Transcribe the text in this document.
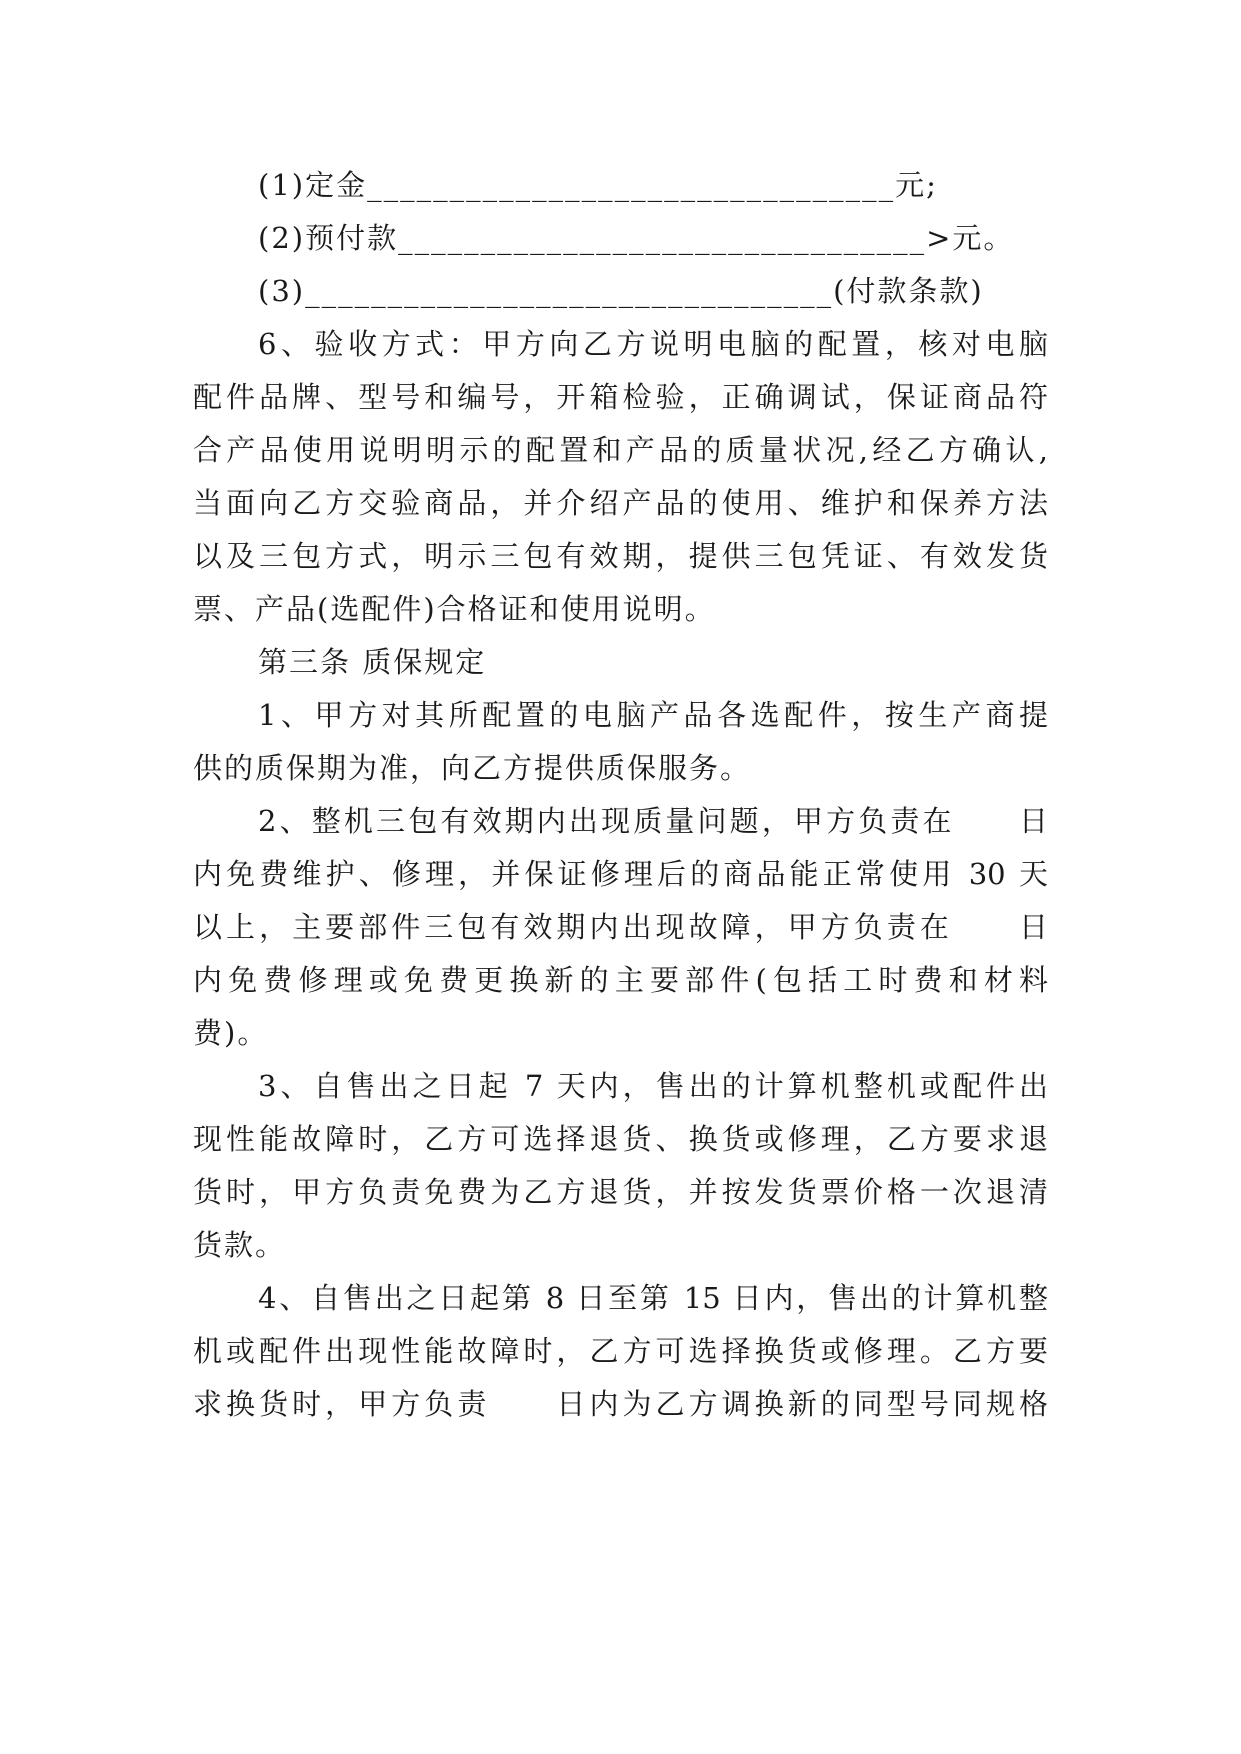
(1)定金________________________________元;
(2)预付款________________________________>元。
(3)________________________________(付款条款)
6、验收方式：甲方向乙方说明电脑的配置，核对电脑
配件品牌、型号和编号，开箱检验，正确调试，保证商品符
合产品使用说明明示的配置和产品的质量状况,经乙方确认,
当面向乙方交验商品，并介绍产品的使用、维护和保养方法
以及三包方式，明示三包有效期，提供三包凭证、有效发货
票、产品(选配件)合格证和使用说明。
第三条 质保规定
1、甲方对其所配置的电脑产品各选配件，按生产商提
供的质保期为准，向乙方提供质保服务。
2、整机三包有效期内出现质量问题，甲方负责在　　日
内免费维护、修理，并保证修理后的商品能正常使用 30 天
以上，主要部件三包有效期内出现故障，甲方负责在　　日
内免费修理或免费更换新的主要部件(包括工时费和材料
费)。
3、自售出之日起 7 天内，售出的计算机整机或配件出
现性能故障时，乙方可选择退货、换货或修理，乙方要求退
货时，甲方负责免费为乙方退货，并按发货票价格一次退清
货款。
4、自售出之日起第 8 日至第 15 日内，售出的计算机整
机或配件出现性能故障时，乙方可选择换货或修理。乙方要
求换货时，甲方负责　　日内为乙方调换新的同型号同规格
